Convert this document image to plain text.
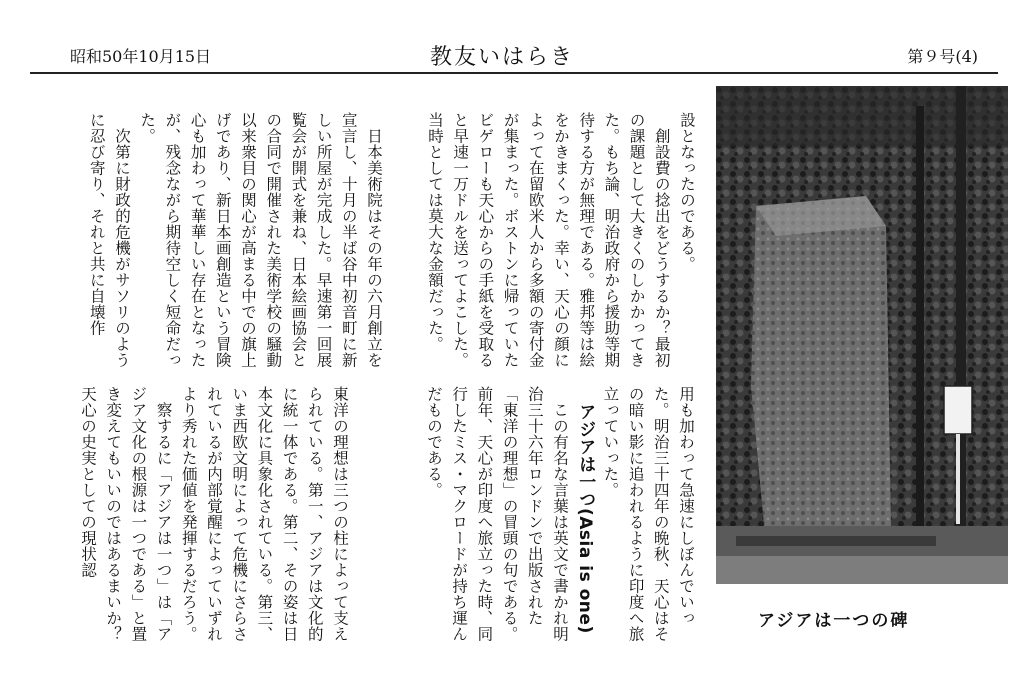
昭和50年10月15日	教友いはらき	第９号(4)

設となったのである。

創設費の捻出をどうするか？最初の課題として大きくのしかかってきた。もち論、明治政府から援助等期待する方が無理である。雅邦等は絵をかきまくった。幸い、天心の顔によって在留欧米人から多額の寄付金が集まった。ボストンに帰っていたビゲローも天心からの手紙を受取ると早速一万ドルを送ってよこした。当時としては莫大な金額だった。

日本美術院はその年の六月創立を宣言し、十月の半ば谷中初音町に新しい所屋が完成した。早速第一回展覧会が開式を兼ね、日本絵画協会との合同で開催された美術学校の騒動以来衆目の関心が高まる中での旗上げであり、新日本画創造という冒険心も加わって華華しい存在となったが、残念ながら期待空しく短命だった。

次第に財政的危機がサソリのように忍び寄り、それと共に自壊作

用も加わって急速にしぼんでいった。明治三十四年の晩秋、天心はその暗い影に追われるように印度へ旅立っていった。

アジアは一つ(Asia is one)

この有名な言葉は英文で書かれ明治三十六年ロンドンで出版された「東洋の理想」の冒頭の句である。前年、天心が印度へ旅立った時、同行したミス・マクロードが持ち運んだものである。

東洋の理想は三つの柱によって支えられている。第一、アジアは文化的に統一体である。第二、その姿は日本文化に具象化されている。第三、いま西欧文明によって危機にさらされているが内部覚醒によっていずれより秀れた価値を発揮するだろう。

察するに「アジアは一つ」は「アジア文化の根源は一つである」と置き変えてもいいのではあるまいか？天心の史実としての現状認

アジアは一つの碑
